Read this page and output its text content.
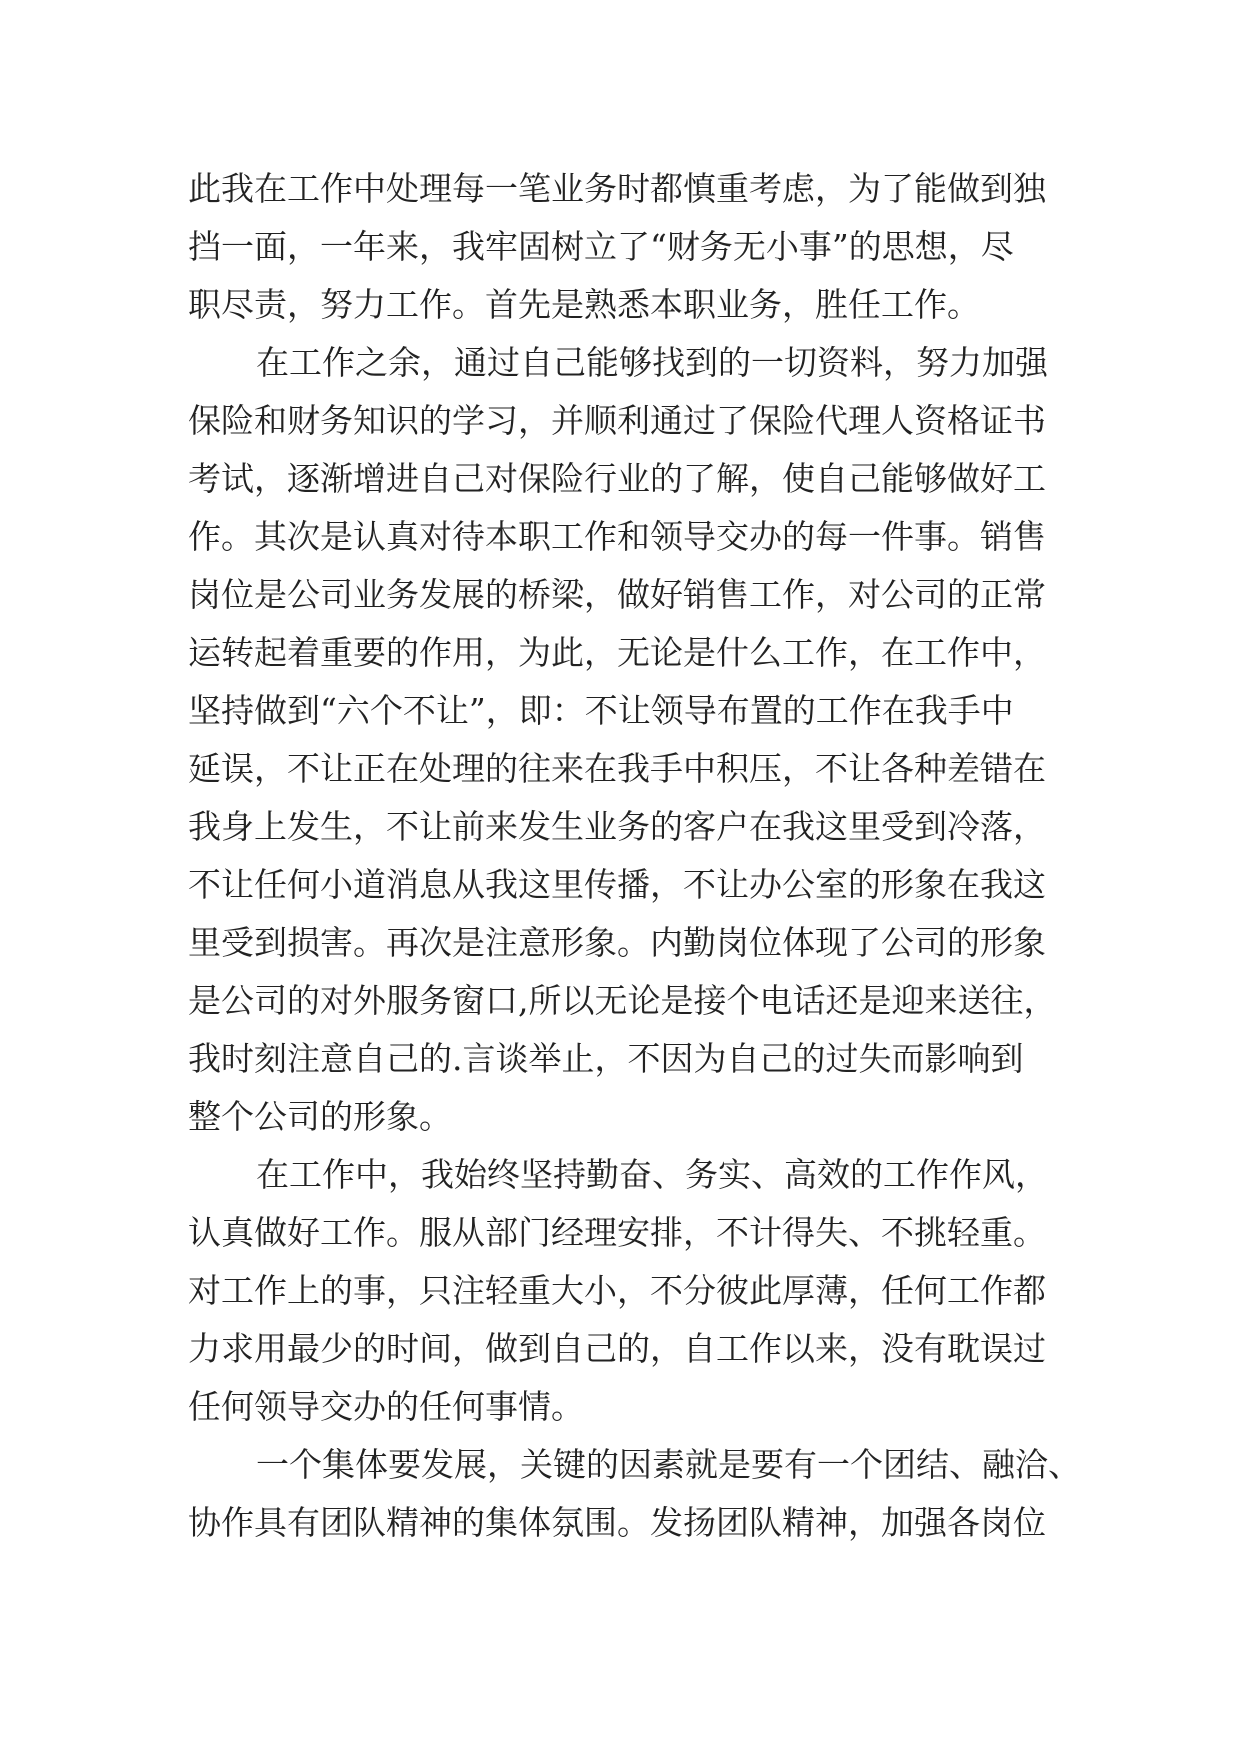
此我在工作中处理每一笔业务时都慎重考虑，为了能做到独
挡一面，一年来，我牢固树立了“财务无小事”的思想，尽
职尽责，努力工作。首先是熟悉本职业务，胜任工作。
在工作之余，通过自己能够找到的一切资料，努力加强
保险和财务知识的学习，并顺利通过了保险代理人资格证书
考试，逐渐增进自己对保险行业的了解，使自己能够做好工
作。其次是认真对待本职工作和领导交办的每一件事。销售
岗位是公司业务发展的桥梁，做好销售工作，对公司的正常
运转起着重要的作用，为此，无论是什么工作，在工作中，
坚持做到“六个不让”，即：不让领导布置的工作在我手中
延误，不让正在处理的往来在我手中积压，不让各种差错在
我身上发生，不让前来发生业务的客户在我这里受到冷落，
不让任何小道消息从我这里传播，不让办公室的形象在我这
里受到损害。再次是注意形象。内勤岗位体现了公司的形象
是公司的对外服务窗口,所以无论是接个电话还是迎来送往，
我时刻注意自己的.言谈举止，不因为自己的过失而影响到
整个公司的形象。
在工作中，我始终坚持勤奋、务实、高效的工作作风，
认真做好工作。服从部门经理安排，不计得失、不挑轻重。
对工作上的事，只注轻重大小，不分彼此厚薄，任何工作都
力求用最少的时间，做到自己的，自工作以来，没有耽误过
任何领导交办的任何事情。
一个集体要发展，关键的因素就是要有一个团结、融洽、
协作具有团队精神的集体氛围。发扬团队精神，加强各岗位
